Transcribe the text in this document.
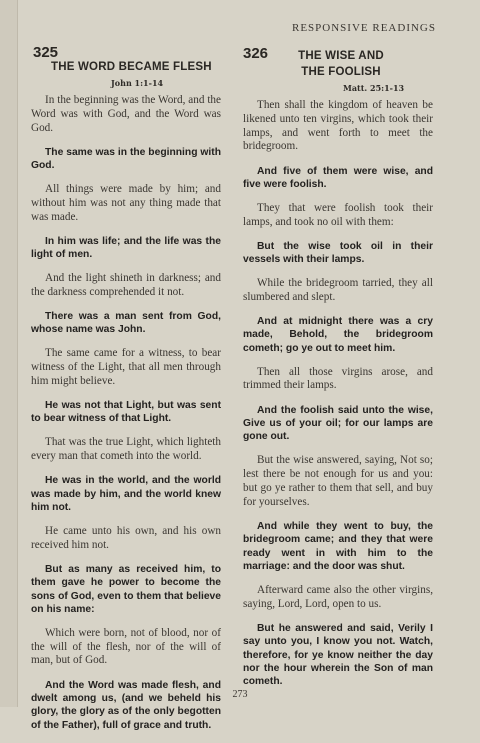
RESPONSIVE READINGS
325
THE WORD BECAME FLESH
John 1:1-14

In the beginning was the Word, and the Word was with God, and the Word was God.

The same was in the beginning with God.

All things were made by him; and without him was not any thing made that was made.

In him was life; and the life was the light of men.

And the light shineth in darkness; and the darkness comprehended it not.

There was a man sent from God, whose name was John.

The same came for a witness, to bear witness of the Light, that all men through him might believe.

He was not that Light, but was sent to bear witness of that Light.

That was the true Light, which lighteth every man that cometh into the world.

He was in the world, and the world was made by him, and the world knew him not.

He came unto his own, and his own received him not.

But as many as received him, to them gave he power to become the sons of God, even to them that believe on his name:

Which were born, not of blood, nor of the will of the flesh, nor of the will of man, but of God.

And the Word was made flesh, and dwelt among us, (and we beheld his glory, the glory as of the only begotten of the Father), full of grace and truth.

326	THE WISE AND THE FOOLISH
Matt. 25:1-13

Then shall the kingdom of heaven be likened unto ten virgins, which took their lamps, and went forth to meet the bridegroom.

And five of them were wise, and five were foolish.

They that were foolish took their lamps, and took no oil with them:

But the wise took oil in their vessels with their lamps.

While the bridegroom tarried, they all slumbered and slept.

And at midnight there was a cry made, Behold, the bridegroom cometh; go ye out to meet him.

Then all those virgins arose, and trimmed their lamps.

And the foolish said unto the wise, Give us of your oil; for our lamps are gone out.

But the wise answered, saying, Not so; lest there be not enough for us and you: but go ye rather to them that sell, and buy for yourselves.

And while they went to buy, the bridegroom came; and they that were ready went in with him to the marriage: and the door was shut.

Afterward came also the other virgins, saying, Lord, Lord, open to us.

But he answered and said, Verily I say unto you, I know you not. Watch, therefore, for ye know neither the day nor the hour wherein the Son of man cometh.

273
